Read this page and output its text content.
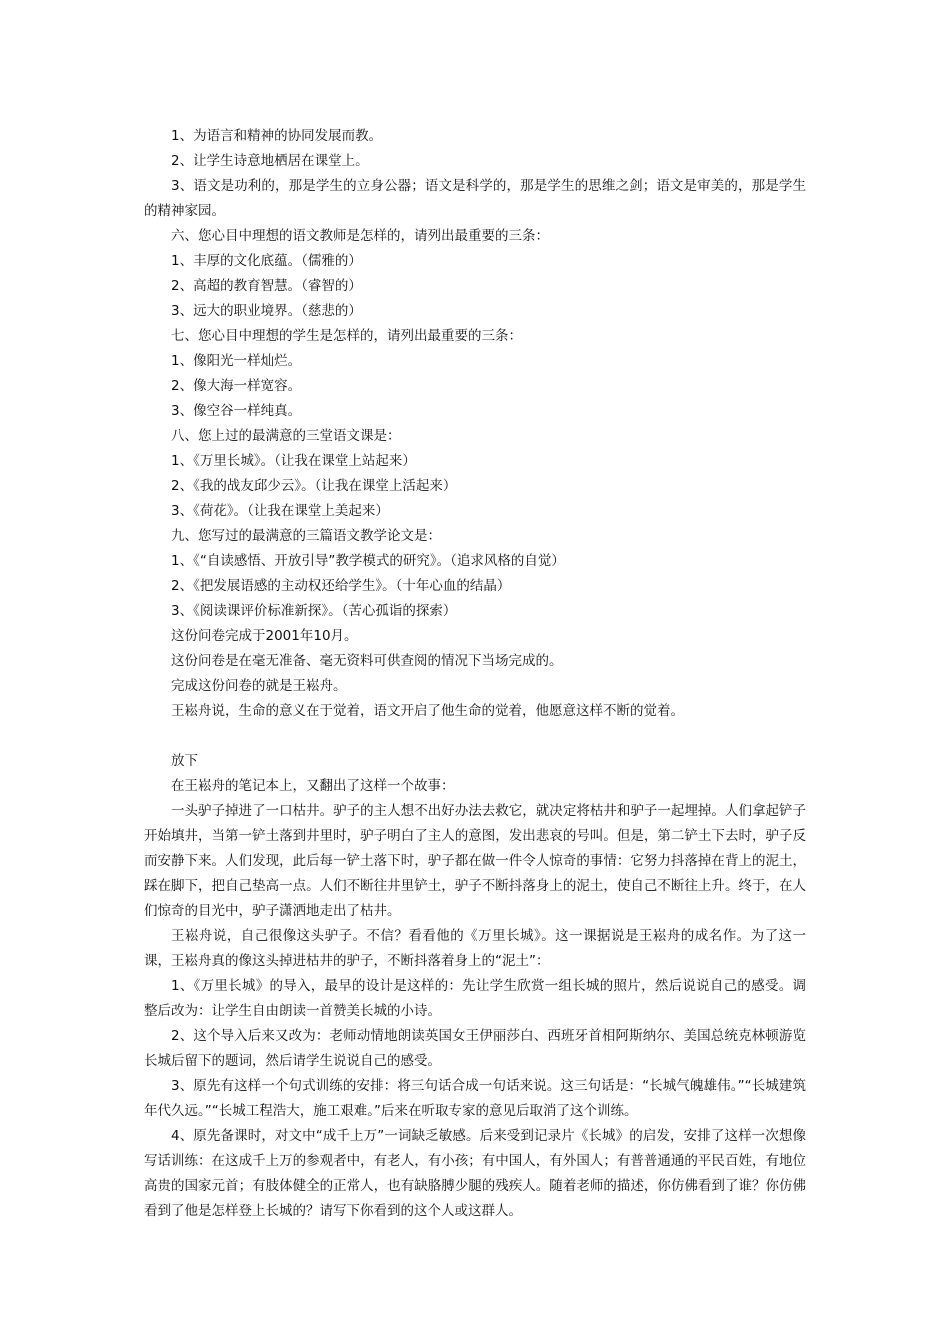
1、为语言和精神的协同发展而教。

2、让学生诗意地栖居在课堂上。

3、语文是功利的，那是学生的立身公器；语文是科学的，那是学生的思维之剑；语文是审美的，那是学生的精神家园。

六、您心目中理想的语文教师是怎样的，请列出最重要的三条：

1、丰厚的文化底蕴。（儒雅的）

2、高超的教育智慧。（睿智的）

3、远大的职业境界。（慈悲的）

七、您心目中理想的学生是怎样的，请列出最重要的三条：

1、像阳光一样灿烂。

2、像大海一样宽容。

3、像空谷一样纯真。

八、您上过的最满意的三堂语文课是：

1、《万里长城》。（让我在课堂上站起来）

2、《我的战友邱少云》。（让我在课堂上活起来）

3、《荷花》。（让我在课堂上美起来）

九、您写过的最满意的三篇语文教学论文是：

1、《“自读感悟、开放引导”教学模式的研究》。（追求风格的自觉）

2、《把发展语感的主动权还给学生》。（十年心血的结晶）

3、《阅读课评价标准新探》。（苦心孤诣的探索）

这份问卷完成于2001年10月。

这份问卷是在毫无准备、毫无资料可供查阅的情况下当场完成的。

完成这份问卷的就是王崧舟。

王崧舟说，生命的意义在于觉着，语文开启了他生命的觉着，他愿意这样不断的觉着。

放下

在王崧舟的笔记本上，又翻出了这样一个故事：

一头驴子掉进了一口枯井。驴子的主人想不出好办法去救它，就决定将枯井和驴子一起埋掉。人们拿起铲子开始填井，当第一铲土落到井里时，驴子明白了主人的意图，发出悲哀的号叫。但是，第二铲土下去时，驴子反而安静下来。人们发现，此后每一铲土落下时，驴子都在做一件令人惊奇的事情：它努力抖落掉在背上的泥土，踩在脚下，把自己垫高一点。人们不断往井里铲土，驴子不断抖落身上的泥土，使自己不断往上升。终于，在人们惊奇的目光中，驴子潇洒地走出了枯井。

王崧舟说，自己很像这头驴子。不信？看看他的《万里长城》。这一课据说是王崧舟的成名作。为了这一课，王崧舟真的像这头掉进枯井的驴子，不断抖落着身上的“泥土”：

1、《万里长城》的导入，最早的设计是这样的：先让学生欣赏一组长城的照片，然后说说自己的感受。调整后改为：让学生自由朗读一首赞美长城的小诗。

2、这个导入后来又改为：老师动情地朗读英国女王伊丽莎白、西班牙首相阿斯纳尔、美国总统克林顿游览长城后留下的题词，然后请学生说说自己的感受。

3、原先有这样一个句式训练的安排：将三句话合成一句话来说。这三句话是：“长城气魄雄伟。”“长城建筑年代久远。”“长城工程浩大，施工艰难。”后来在听取专家的意见后取消了这个训练。

4、原先备课时，对文中“成千上万”一词缺乏敏感。后来受到记录片《长城》的启发，安排了这样一次想像写话训练：在这成千上万的参观者中，有老人，有小孩；有中国人，有外国人；有普普通通的平民百姓，有地位高贵的国家元首；有肢体健全的正常人，也有缺胳膊少腿的残疾人。随着老师的描述，你仿佛看到了谁？你仿佛看到了他是怎样登上长城的？请写下你看到的这个人或这群人。
